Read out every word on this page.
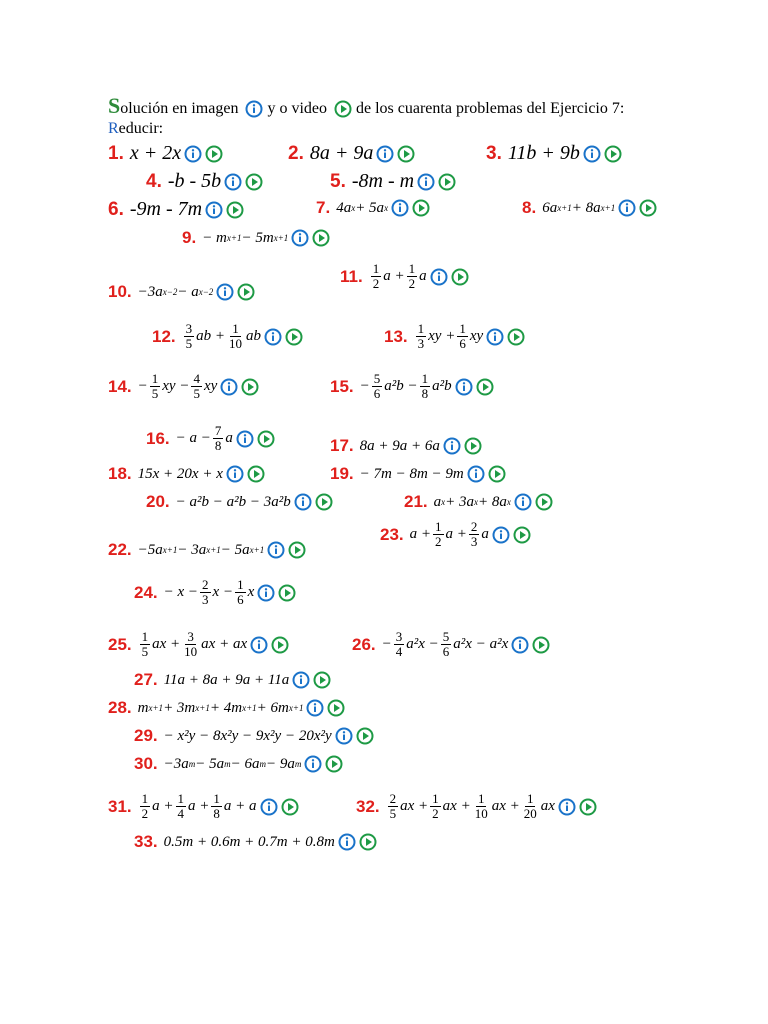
Solución en imagen y o video de los cuarenta problemas del Ejercicio 7:
Reducir:
1. x + 2x	2. 8a + 9a	3. 11b + 9b
4. -b - 5b	5. -8m - m
6. -9m - 7m	7. 4a x + 5a x	8. 6a x+1 + 8a x+1
9. − m x+1 − 5m x+1
10. −3a x−2 − a x−2
11. $\frac{1}{2}$ $a + \frac{1}{2}$ a
12. $\frac{3}{5}$ ab + $\frac{1}{10}$ ab	13. $\frac{1}{3}$ xy + $\frac{1}{6}$ xy
14. − $\frac{1}{5}$ xy − $\frac{4}{5}$ xy	15. − $\frac{5}{6} a^2b - \frac{1}{8} a^2b$
16. − $a - \frac{7}{8}$ a	17. 8a + 9a + 6a
18. 15x + 20x + x	19. − 7m − 8m − 9m
20. − a²b − a²b − 3a²b	21. a x + 3a x + 8a x
22. −5a x+1 − 3a x+1 − 5a x+1
23. $a + \frac{1}{2}$ $a + \frac{2}{3}$ a
24. − $x - \frac{2}{3}$ $x - \frac{1}{6}$ x
25. $\frac{1}{5}$ ax + $\frac{3}{10}$ ax + ax	26. − $\frac{3}{4} a^2x - \frac{5}{6} a^2x - a^2x$
27. 11a + 8a + 9a + 11a
28. m x+1 + 3m x+1 + 4m x+1 + 6m x+1
29. − x²y − 8x²y − 9x²y − 20x²y
30. −3a m − 5a m − 6a m − 9a m
31. $\frac{1}{2}$ $a + \frac{1}{4}$ $a + \frac{1}{8}$ a + a	32. $\frac{2}{5}$ ax + $\frac{1}{2}$ ax + $\frac{1}{10}$ ax + $\frac{1}{20}$ ax
33. 0.5m + 0.6m + 0.7m + 0.8m
